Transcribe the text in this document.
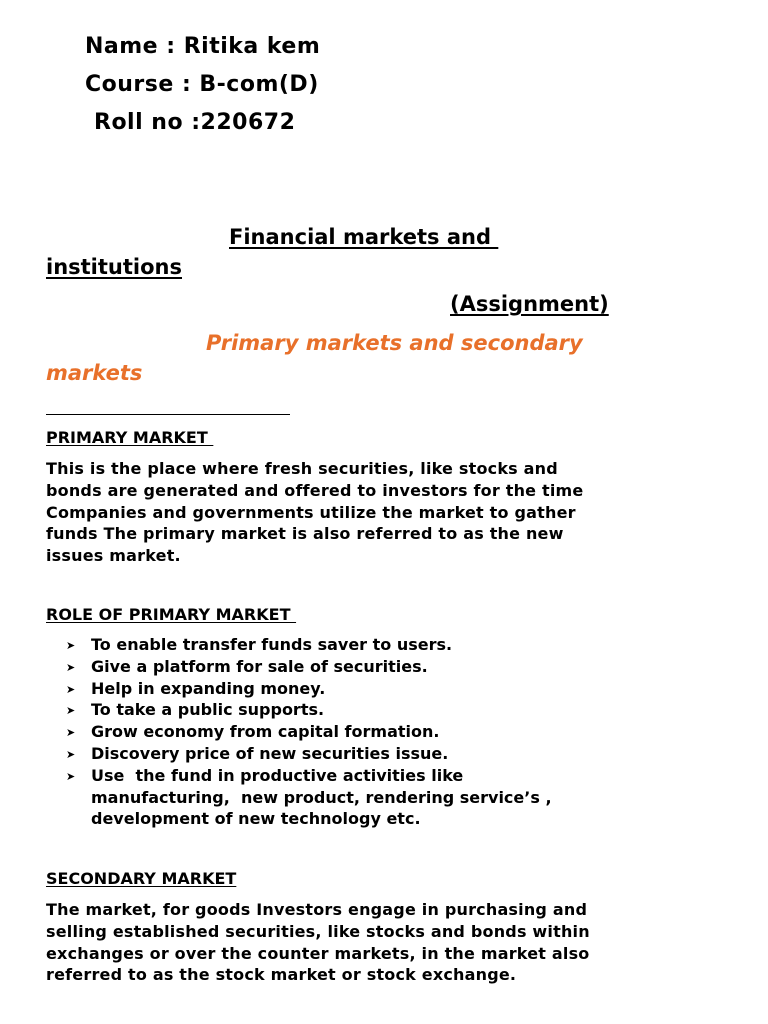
Name : Ritika kem
Course : B-com(D)
Roll no :220672
Financial markets and
institutions
(Assignment)
Primary markets and secondary
markets
PRIMARY MARKET
This is the place where fresh securities, like stocks and
bonds are generated and offered to investors for the time
Companies and governments utilize the market to gather
funds The primary market is also referred to as the new
issues market.
ROLE OF PRIMARY MARKET
➤ To enable transfer funds saver to users.
➤ Give a platform for sale of securities.
➤ Help in expanding money.
➤ To take a public supports.
➤ Grow economy from capital formation.
➤ Discovery price of new securities issue.
➤ Use  the fund in productive activities like
manufacturing,  new product, rendering service’s ,
development of new technology etc.
SECONDARY MARKET
The market, for goods Investors engage in purchasing and
selling established securities, like stocks and bonds within
exchanges or over the counter markets, in the market also
referred to as the stock market or stock exchange.
